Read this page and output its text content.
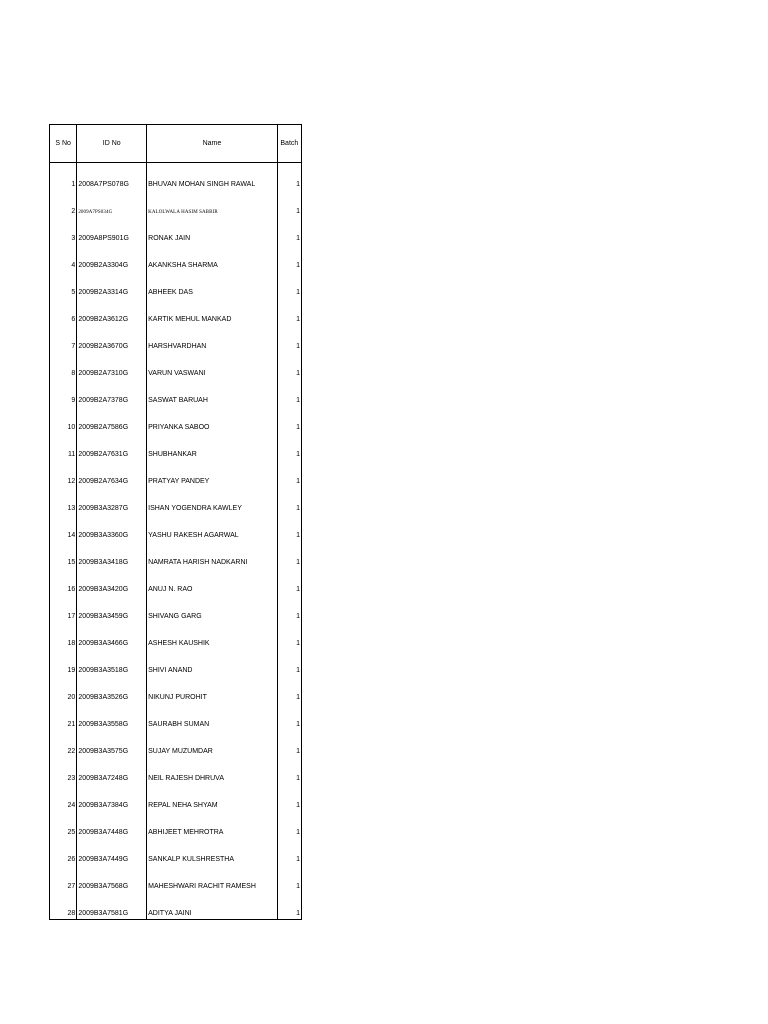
S No	ID No	Name	Batch
1	2008A7PS078G	BHUVAN MOHAN SINGH RAWAL	1
2	2009A7PS034G	KALOLWALA HASIM SABBIR	1
3	2009A8PS901G	RONAK JAIN	1
4	2009B2A3304G	AKANKSHA SHARMA	1
5	2009B2A3314G	ABHEEK DAS	1
6	2009B2A3612G	KARTIK MEHUL MANKAD	1
7	2009B2A3670G	HARSHVARDHAN	1
8	2009B2A7310G	VARUN VASWANI	1
9	2009B2A7378G	SASWAT BARUAH	1
10	2009B2A7586G	PRIYANKA SABOO	1
11	2009B2A7631G	SHUBHANKAR	1
12	2009B2A7634G	PRATYAY PANDEY	1
13	2009B3A3287G	ISHAN YOGENDRA KAWLEY	1
14	2009B3A3360G	YASHU RAKESH AGARWAL	1
15	2009B3A3418G	NAMRATA HARISH NADKARNI	1
16	2009B3A3420G	ANUJ N. RAO	1
17	2009B3A3459G	SHIVANG GARG	1
18	2009B3A3466G	ASHESH KAUSHIK	1
19	2009B3A3518G	SHIVI ANAND	1
20	2009B3A3526G	NIKUNJ PUROHIT	1
21	2009B3A3558G	SAURABH SUMAN	1
22	2009B3A3575G	SUJAY MUZUMDAR	1
23	2009B3A7248G	NEIL RAJESH DHRUVA	1
24	2009B3A7384G	REPAL NEHA SHYAM	1
25	2009B3A7448G	ABHIJEET MEHROTRA	1
26	2009B3A7449G	SANKALP KULSHRESTHA	1
27	2009B3A7568G	MAHESHWARI RACHIT RAMESH	1
28	2009B3A7581G	ADITYA JAINI	1
